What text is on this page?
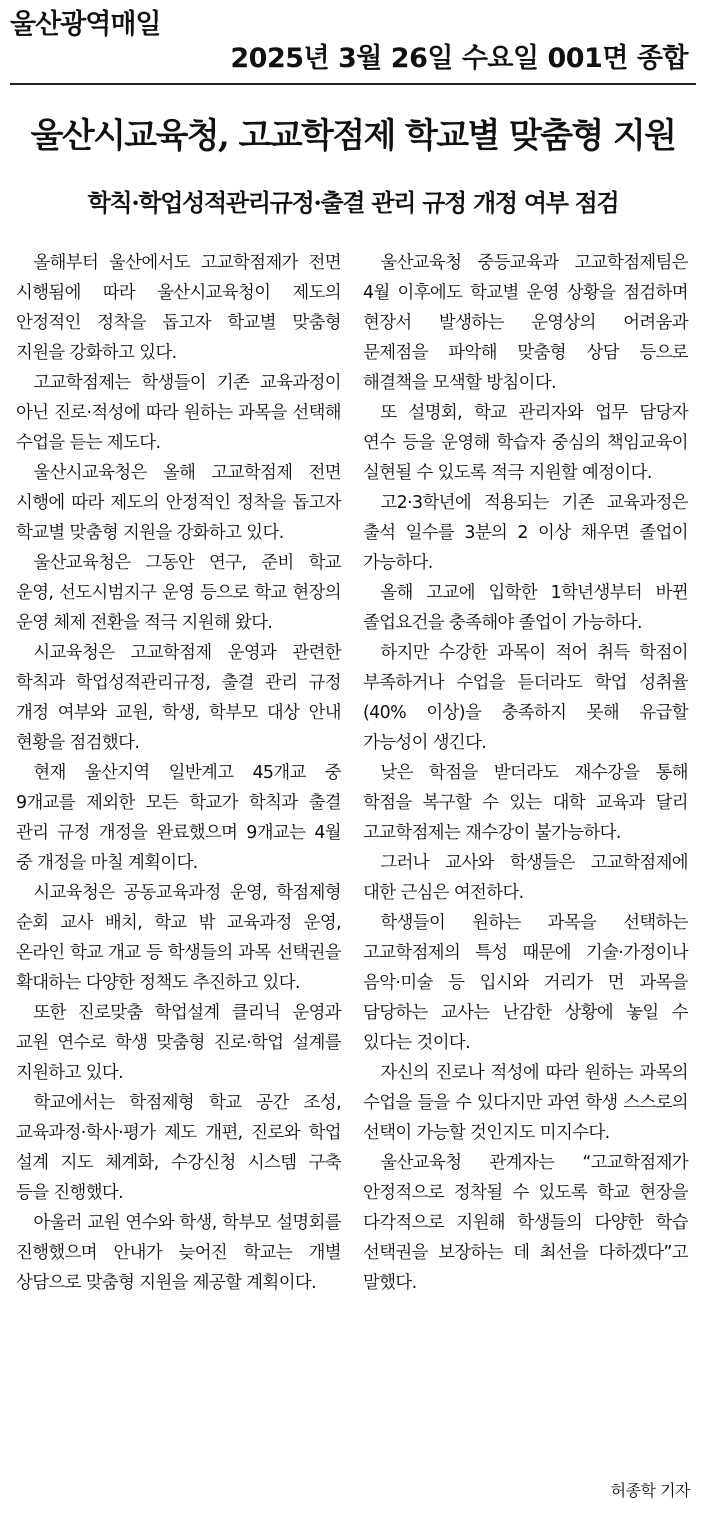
울산광역매일
2025년 3월 26일 수요일 001면 종합
울산시교육청, 고교학점제 학교별 맞춤형 지원
학칙·학업성적관리규정·출결 관리 규정 개정 여부 점검

올해부터 울산에서도 고교학점제가 전면 시행됨에 따라 울산시교육청이 제도의 안정적인 정착을 돕고자 학교별 맞춤형 지원을 강화하고 있다.

고교학점제는 학생들이 기존 교육과정이 아닌 진로·적성에 따라 원하는 과목을 선택해 수업을 듣는 제도다.

울산시교육청은 올해 고교학점제 전면 시행에 따라 제도의 안정적인 정착을 돕고자 학교별 맞춤형 지원을 강화하고 있다.

울산교육청은 그동안 연구, 준비 학교 운영, 선도시범지구 운영 등으로 학교 현장의 운영 체제 전환을 적극 지원해 왔다.

시교육청은 고교학점제 운영과 관련한 학칙과 학업성적관리규정, 출결 관리 규정 개정 여부와 교원, 학생, 학부모 대상 안내 현황을 점검했다.

현재 울산지역 일반계고 45개교 중 9개교를 제외한 모든 학교가 학칙과 출결 관리 규정 개정을 완료했으며 9개교는 4월 중 개정을 마칠 계획이다.

시교육청은 공동교육과정 운영, 학점제형 순회 교사 배치, 학교 밖 교육과정 운영, 온라인 학교 개교 등 학생들의 과목 선택권을 확대하는 다양한 정책도 추진하고 있다.

또한 진로맞춤 학업설계 클리닉 운영과 교원 연수로 학생 맞춤형 진로·학업 설계를 지원하고 있다.

학교에서는 학점제형 학교 공간 조성, 교육과정·학사·평가 제도 개편, 진로와 학업 설계 지도 체계화, 수강신청 시스템 구축 등을 진행했다.

아울러 교원 연수와 학생, 학부모 설명회를 진행했으며 안내가 늦어진 학교는 개별 상담으로 맞춤형 지원을 제공할 계획이다.

울산교육청 중등교육과 고교학점제팀은 4월 이후에도 학교별 운영 상황을 점검하며 현장서 발생하는 운영상의 어려움과 문제점을 파악해 맞춤형 상담 등으로 해결책을 모색할 방침이다.

또 설명회, 학교 관리자와 업무 담당자 연수 등을 운영해 학습자 중심의 책임교육이 실현될 수 있도록 적극 지원할 예정이다.

고2·3학년에 적용되는 기존 교육과정은 출석 일수를 3분의 2 이상 채우면 졸업이 가능하다.

올해 고교에 입학한 1학년생부터 바뀐 졸업요건을 충족해야 졸업이 가능하다.

하지만 수강한 과목이 적어 취득 학점이 부족하거나 수업을 듣더라도 학업 성취율(40% 이상)을 충족하지 못해 유급할 가능성이 생긴다.

낮은 학점을 받더라도 재수강을 통해 학점을 복구할 수 있는 대학 교육과 달리 고교학점제는 재수강이 불가능하다.

그러나 교사와 학생들은 고교학점제에 대한 근심은 여전하다.

학생들이 원하는 과목을 선택하는 고교학점제의 특성 때문에 기술·가정이나 음악·미술 등 입시와 거리가 먼 과목을 담당하는 교사는 난감한 상황에 놓일 수 있다는 것이다.

자신의 진로나 적성에 따라 원하는 과목의 수업을 들을 수 있다지만 과연 학생 스스로의 선택이 가능할 것인지도 미지수다.

울산교육청 관계자는 “고교학점제가 안정적으로 정착될 수 있도록 학교 현장을 다각적으로 지원해 학생들의 다양한 학습 선택권을 보장하는 데 최선을 다하겠다”고 말했다.

허종학 기자
